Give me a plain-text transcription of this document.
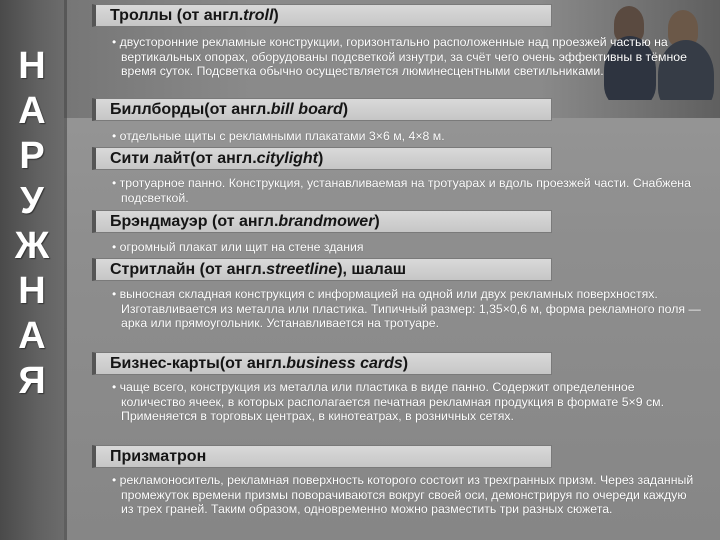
Н
А
Р
У
Ж
Н
А
Я
Троллы (от англ. troll )
• двусторонние рекламные конструкции, горизонтально расположенные над проезжей частью на вертикальных опорах, оборудованы подсветкой изнутри, за счёт чего очень эффективны в тёмное время суток. Подсветка обычно осуществляется люминесцентными светильниками.
Биллборды(от англ. bill board )
• отдельные щиты с рекламными плакатами 3×6 м, 4×8 м.
Сити лайт(от англ. citylight )
• тротуарное панно. Конструкция, устанавливаемая на тротуарах и вдоль проезжей части. Снабжена подсветкой.
Брэндмауэр (от англ. brandmower )
• огромный плакат или щит на стене здания
Стритлайн (от англ. streetline ), шалаш
• выносная складная конструкция с информацией на одной или двух рекламных поверхностях. Изготавливается из металла или пластика. Типичный размер: 1,35×0,6 м, форма рекламного поля — арка или прямоугольник. Устанавливается на тротуаре.
Бизнес-карты(от англ. business cards )
• чаще всего, конструкция из металла или пластика в виде панно. Содержит определенное количество ячеек, в которых располагается печатная рекламная продукция в формате 5×9 см. Применяется в торговых центрах, в кинотеатрах, в розничных сетях.
Призматрон
• рекламоноситель, рекламная поверхность которого состоит из трехгранных призм. Через заданный промежуток времени призмы поворачиваются вокруг своей оси, демонстрируя по очереди каждую из трех граней. Таким образом, одновременно можно разместить три разных сюжета.
